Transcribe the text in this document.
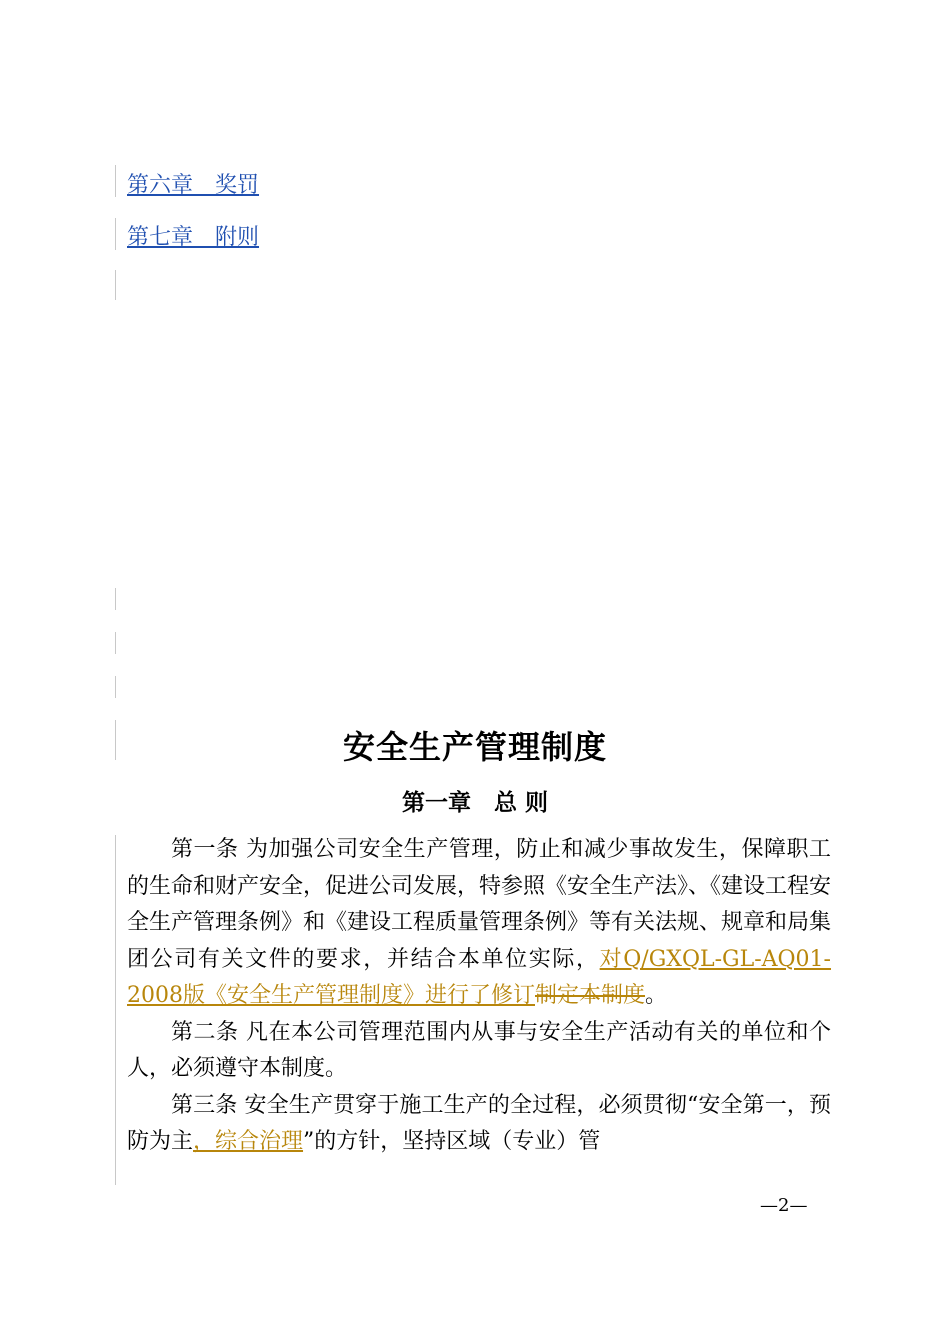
第六章　奖罚
第七章　附则
安全生产管理制度
第一章　总 则

第一条 为加强公司安全生产管理，防止和减少事故发生，保障职工的生命和财产安全，促进公司发展，特参照《安全生产法》、《建设工程安全生产管理条例》和《建设工程质量管理条例》等有关法规、规章和局集团公司有关文件的要求，并结合本单位实际，对Q/GXQL-GL-AQ01-2008版《安全生产管理制度》进行了修订制定本制度。

第二条 凡在本公司管理范围内从事与安全生产活动有关的单位和个人，必须遵守本制度。

第三条 安全生产贯穿于施工生产的全过程，必须贯彻“安全第一，预防为主，综合治理”的方针，坚持区域（专业）管

—2—
